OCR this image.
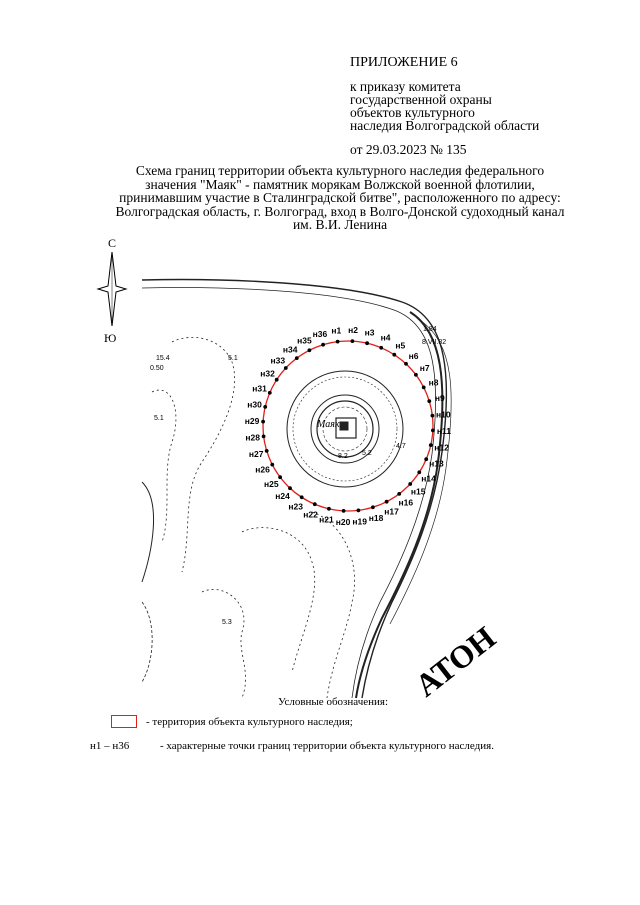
ПРИЛОЖЕНИЕ 6
к приказу комитета
государственной охраны
объектов культурного
наследия Волгоградской области
от 29.03.2023 № 135
Схема границ территории объекта культурного наследия федерального
значения "Маяк" - памятник морякам Волжской военной флотилии,
принимавшим участие в Сталинградской битве", расположенного по адресу:
Волгоградская область, г. Волгоград, вход в Волго-Донской судоходный канал
им. В.И. Ленина
С
Ю
н1 н2 н3
н4
н5
н6
н7
н8
н9
н10
н11
н12
н13
н14
н15
н16
н17
н18
н19
н20
н21
н22
н23
н24
н25
н26
н27
н28
н29
н30
н31
н32
н33
н34
н35
н36
Маяк
1.84
8.VII.82
15.4
0.50
5.1
5.1
5.2
4.7
5.3
8.2
АТОН
Условные обозначения:
- территория объекта культурного наследия;
н1 – н36	- характерные точки границ территории объекта культурного наследия.
